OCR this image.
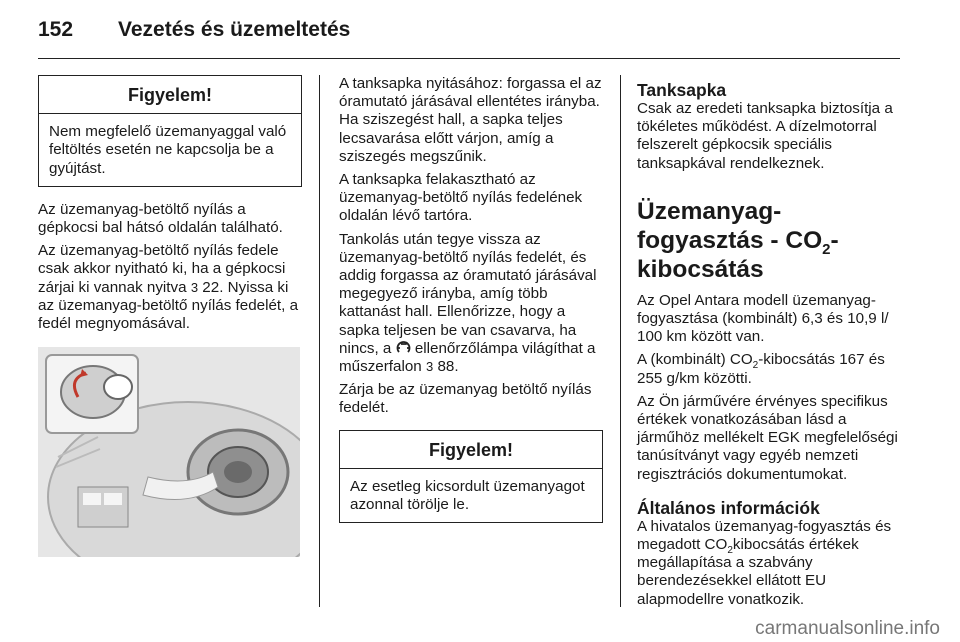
152	Vezetés és üzemeltetés
Figyelem!
Nem megfelelő üzemanyaggal való feltöltés esetén ne kapcsolja be a gyújtást.

Az üzemanyag-betöltő nyílás a gépkocsi bal hátsó oldalán található.

Az üzemanyag-betöltő nyílás fedele csak akkor nyitható ki, ha a gépkocsi zárjai ki vannak nyitva 3 22. Nyissa ki az üzemanyag-betöltő nyílás fedelét, a fedél megnyomásával.

A tanksapka nyitásához: forgassa el az óramutató járásával ellentétes irányba. Ha sziszegést hall, a sapka teljes lecsavarása előtt várjon, amíg a sziszegés megszűnik.

A tanksapka felakasztható az üzemanyag-betöltő nyílás fedelének oldalán lévő tartóra.

Tankolás után tegye vissza az üzemanyag-betöltő nyílás fedelét, és addig forgassa az óramutató járásával megegyező irányba, amíg több kattanást hall. Ellenőrizze, hogy a sapka teljesen be van csavarva, ha nincs, a ellenőrzőlámpa világíthat a műszerfalon 3 88.

Zárja be az üzemanyag betöltő nyílás fedelét.

Figyelem!
Az esetleg kicsordult üzemanyagot azonnal törölje le.
Tanksapka

Csak az eredeti tanksapka biztosítja a tökéletes működést. A dízelmotorral felszerelt gépkocsik speciális tanksapkával rendelkeznek.

Üzemanyag-fogyasztás - $CO_2$-kibocsátás

Az Opel Antara modell üzemanyag-fogyasztása (kombinált) 6,3 és 10,9 l/ 100 km között van.

A (kombinált) $CO_2$-kibocsátás 167 és 255 g/km közötti.

Az Ön járművére érvényes specifikus értékek vonatkozásában lásd a járműhöz mellékelt EGK megfelelőségi tanúsítványt vagy egyéb nemzeti regisztrációs dokumentumokat.

Általános információk

A hivatalos üzemanyag-fogyasztás és megadott $CO_2kibocsátás$ értékek megállapítása a szabvány berendezésekkel ellátott EU alapmodellre vonatkozik.

carmanualsonline.info
